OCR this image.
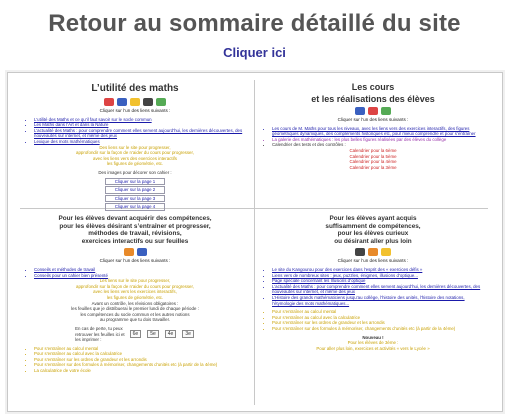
Retour au sommaire détaillé du site
Cliquer ici
L’utilité des maths
Cliquer sur l’un des liens suivants :
• L’utilité des Maths et ce qu’il faut savoir sur le socle commun
• Les Maths dans l’Art et dans la Nature
• L’actualité des Maths : pour comprendre comment elles servent aujourd’hui, les dernières découvertes, des nouveautés sur internet, et même des jeux
• Lexique des mots mathématiques
Des liens sur le site pour progresser,
approfondir sur la façon de n’aider du cours pour progresser,
avec les liens vers des exercices interactifs
les figures de géométrie, etc.
Des images pour décorer son cahier :
Cliquer sur la page 1
Cliquer sur la page 2
Cliquer sur la page 3
Cliquer sur la page 4
Les cours
et les réalisations des élèves
Cliquer sur l’un des liens suivants :
• Les cours de M. Maths pour tous les niveaux, avec les liens vers des exercices interactifs, des figures géométriques dynamiques, des compléments historiques etc, pour mieux comprendre et pour s’entraîner
• La galerie des mathématiques : les plus belles figures réalisées par des élèves du collège
• Calendrier des tests et des contrôles :
Calendrier pour la 6ème
Calendrier pour la 5ème
Calendrier pour la 4ème
Calendrier pour la 3ème
Pour les élèves devant acquérir des compétences,
pour les élèves désirant s’entraîner et progresser,
méthodes de travail, révisions,
exercices interactifs ou sur feuilles
Cliquer sur l’un des liens suivants :
• Conseils et méthodes de travail
• Conseils pour un cahier bien présenté
Les liens sur le site pour progresser,
approfondir sur la façon de n’aider du cours pour progresser,
avec les liens vers les exercices interactifs,
les figures de géométrie, etc.
Avant un contrôle, les révisions obligatoires :
les feuilles que je distribuerai le premier lundi de chaque période :
les compétences du socle commun et les autres notions
au programme que tu dois travailler.
En cas de perte, tu peux
retrouver les feuilles ici et
les imprimer :
6e	5e	4e	3e
• Pour s’entraîner au calcul mental
• Pour s’entraîner au calcul avec la calculatrice
• Pour s’entraîner sur les ordres de grandeur et les arrondis
• Pour s’entraîner sur des formules à mémoriser, changements d’unités etc (à partir de la 4ème)
• La calculatrice de votre école
Pour les élèves ayant acquis
suffisamment de compétences,
pour les élèves curieux
ou désirant aller plus loin
Cliquer sur l’un des liens suivants :
• Le site du Kangourou pour des exercices dans l’esprit des « exercices défis »
• Liens vers de nombreux sites : jeux, puzzles, énigmes, illusions d’optique...
• Page spéciale concernant les Illusions d’optique
• L’actualité des Maths : pour comprendre comment elles servent aujourd’hui, les dernières découvertes, des nouveautés sur internet, et même des jeux
• L’Histoire des grands mathématiciens jusqu’au collège, l’histoire des unités, l’histoire des notations, l’étymologie des mots mathématiques...
• Pour s’entraîner au calcul mental
• Pour s’entraîner au calcul avec la calculatrice
• Pour s’entraîner sur les ordres de grandeur et les arrondis
• Pour s’entraîner sur des formules à mémoriser, changements d’unités etc (à partir de la 4ème)
Nouveau !
Pour les élèves de 3ème :
Pour aller plus loin, exercices et activités « vers le Lycée »
